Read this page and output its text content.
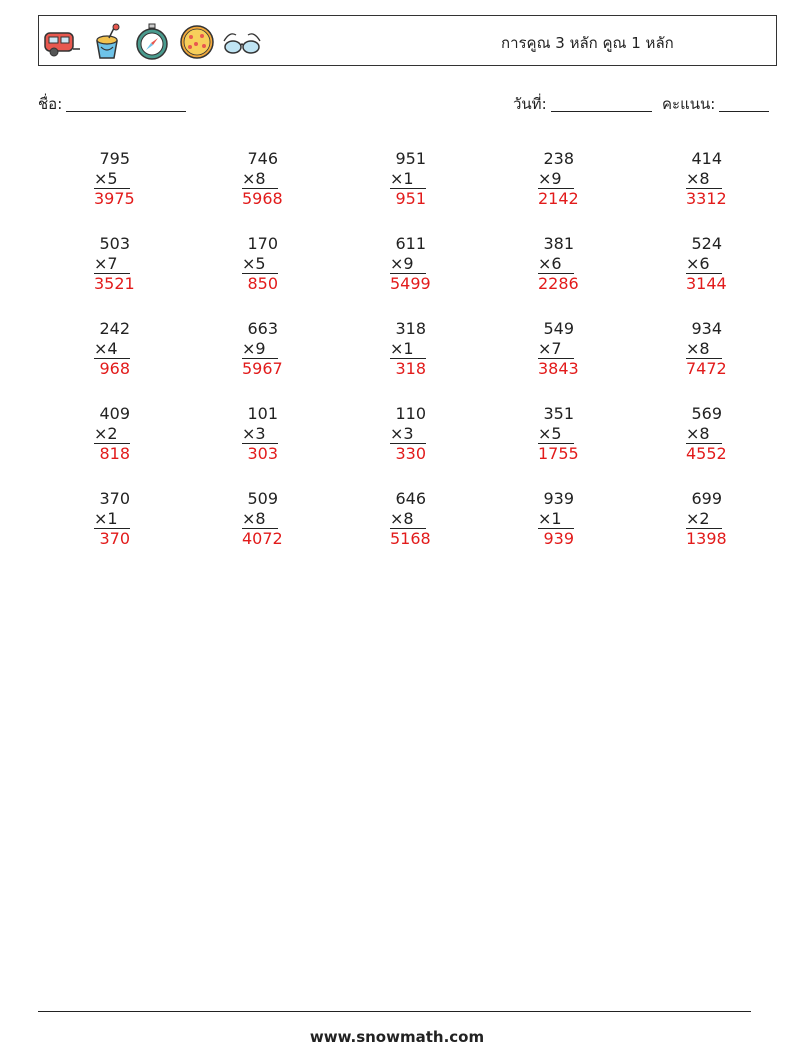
การคูณ 3 หลัก คูณ 1 หลัก
ชื่อ:	วันที่:	คะแนน:
795
×5
3975
746
×8
5968
951
×1
951
238
×9
2142
414
×8
3312
503
×7
3521
170
×5
850
611
×9
5499
381
×6
2286
524
×6
3144
242
×4
968
663
×9
5967
318
×1
318
549
×7
3843
934
×8
7472
409
×2
818
101
×3
303
110
×3
330
351
×5
1755
569
×8
4552
370
×1
370
509
×8
4072
646
×8
5168
939
×1
939
699
×2
1398
www.snowmath.com
